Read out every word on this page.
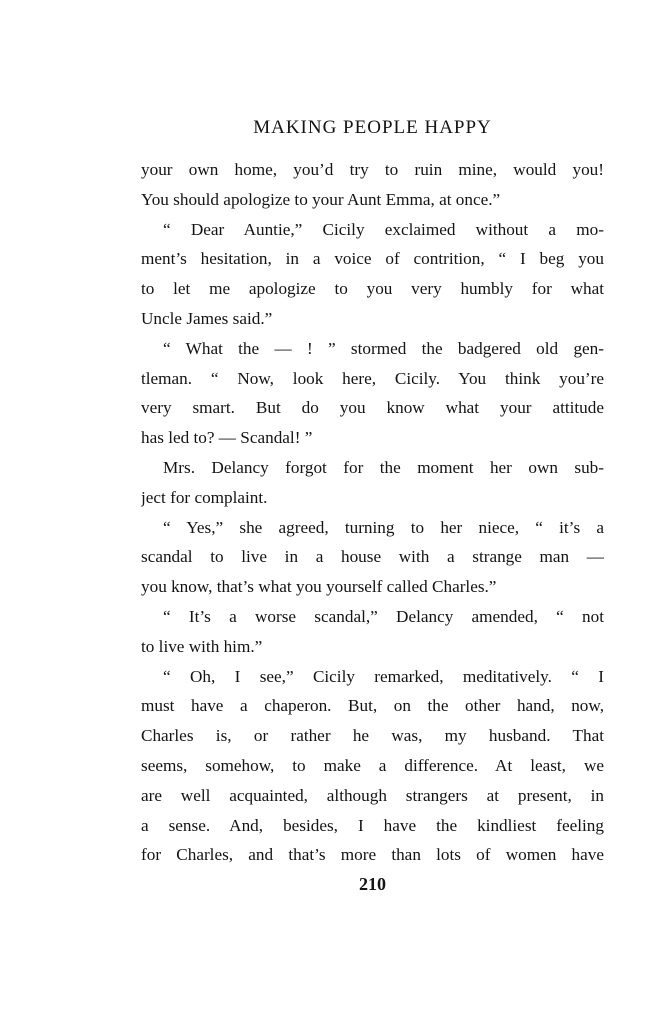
MAKING PEOPLE HAPPY
your own home, you’d try to ruin mine, would you!
You should apologize to your Aunt Emma, at once.”
“ Dear Auntie,” Cicily exclaimed without a mo-
ment’s hesitation, in a voice of contrition, “ I beg you
to let me apologize to you very humbly for what
Uncle James said.”
“ What the — ! ” stormed the badgered old gen-
tleman. “ Now, look here, Cicily. You think you’re
very smart. But do you know what your attitude
has led to? — Scandal! ”
Mrs. Delancy forgot for the moment her own sub-
ject for complaint.
“ Yes,” she agreed, turning to her niece, “ it’s a
scandal to live in a house with a strange man —
you know, that’s what you yourself called Charles.”
“ It’s a worse scandal,” Delancy amended, “ not
to live with him.”
“ Oh, I see,” Cicily remarked, meditatively. “ I
must have a chaperon. But, on the other hand, now,
Charles is, or rather he was, my husband. That
seems, somehow, to make a difference. At least, we
are well acquainted, although strangers at present, in
a sense. And, besides, I have the kindliest feeling
for Charles, and that’s more than lots of women have
210
